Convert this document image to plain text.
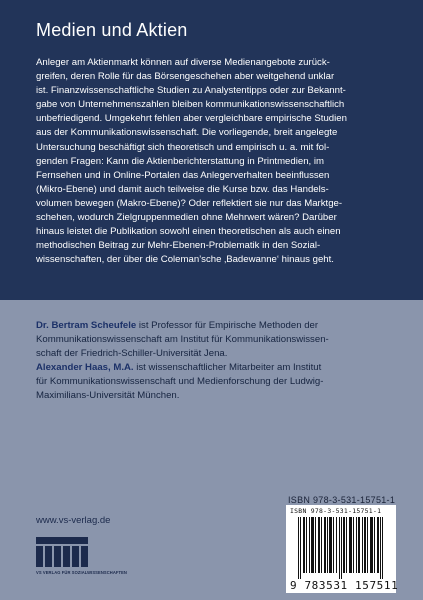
Medien und Aktien
Anleger am Aktienmarkt können auf diverse Medienangebote zurück-
greifen, deren Rolle für das Börsengeschehen aber weitgehend unklar
ist. Finanzwissenschaftliche Studien zu Analystentipps oder zur Bekannt-
gabe von Unternehmenszahlen bleiben kommunikationswissenschaftlich
unbefriedigend. Umgekehrt fehlen aber vergleichbare empirische Studien
aus der Kommunikationswissenschaft. Die vorliegende, breit angelegte
Untersuchung beschäftigt sich theoretisch und empirisch u. a. mit fol-
genden Fragen: Kann die Aktienberichterstattung in Printmedien, im
Fernsehen und in Online-Portalen das Anlegerverhalten beeinflussen
(Mikro-Ebene) und damit auch teilweise die Kurse bzw. das Handels-
volumen bewegen (Makro-Ebene)? Oder reflektiert sie nur das Marktge-
schehen, wodurch Zielgruppenmedien ohne Mehrwert wären? Darüber
hinaus leistet die Publikation sowohl einen theoretischen als auch einen
methodischen Beitrag zur Mehr-Ebenen-Problematik in den Sozial-
wissenschaften, der über die Coleman’sche ‚Badewanne‘ hinaus geht.
Dr. Bertram Scheufele ist Professor für Empirische Methoden der
Kommunikationswissenschaft am Institut für Kommunikationswissen-
schaft der Friedrich-Schiller-Universität Jena.
Alexander Haas, M.A. ist wissenschaftlicher Mitarbeiter am Institut
für Kommunikationswissenschaft und Medienforschung der Ludwig-
Maximilians-Universität München.
ISBN 978-3-531-15751-1
ISBN 978-3-531-15751-1
9 783531 157511
www.vs-verlag.de
VS VERLAG FÜR SOZIALWISSENSCHAFTEN
